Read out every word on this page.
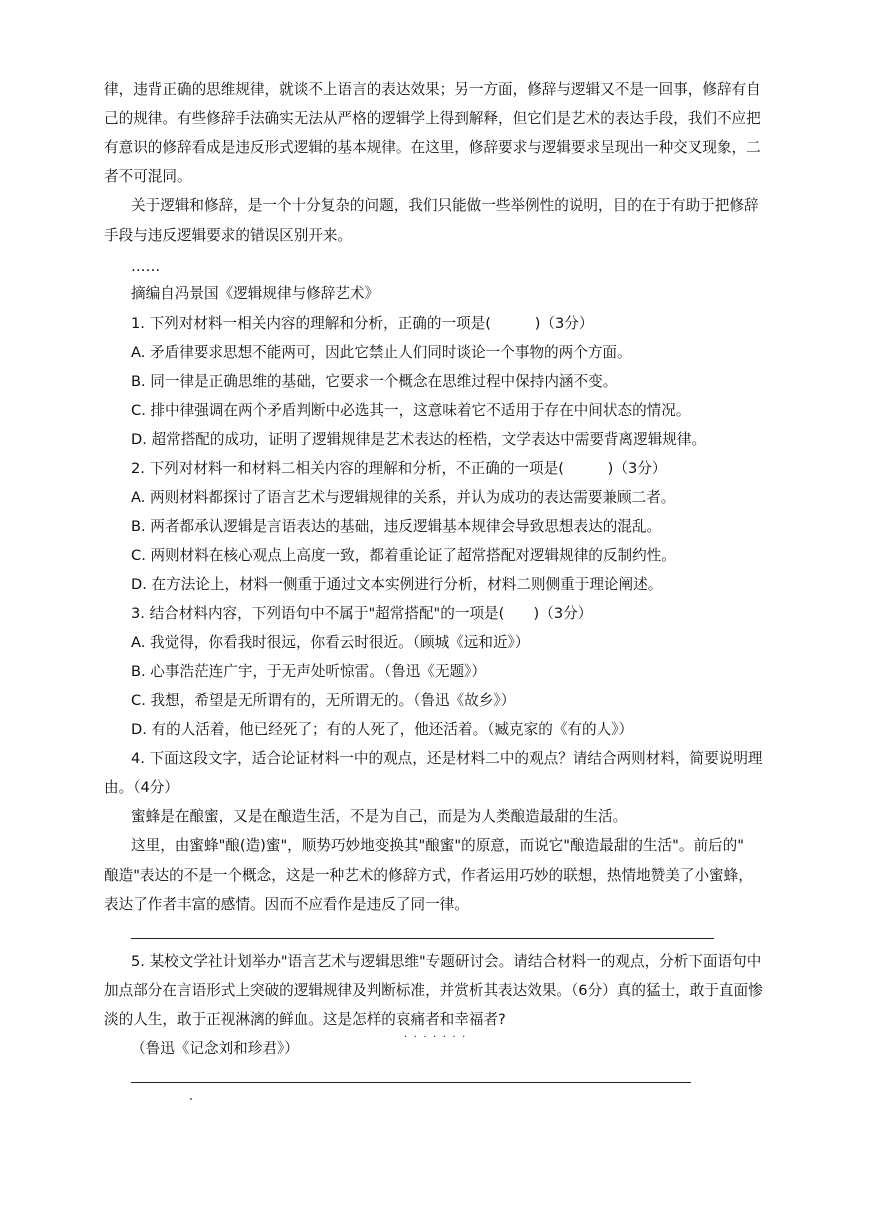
律，违背正确的思维规律，就谈不上语言的表达效果；另一方面，修辞与逻辑又不是一回事，修辞有自
己的规律。有些修辞手法确实无法从严格的逻辑学上得到解释，但它们是艺术的表达手段，我们不应把
有意识的修辞看成是违反形式逻辑的基本规律。在这里，修辞要求与逻辑要求呈现出一种交叉现象，二
者不可混同。
关于逻辑和修辞，是一个十分复杂的问题，我们只能做一些举例性的说明，目的在于有助于把修辞
手段与违反逻辑要求的错误区别开来。
……
摘编自冯景国《逻辑规律与修辞艺术》
1. 下列对材料一相关内容的理解和分析，正确的一项是(　　　)（3分）
A. 矛盾律要求思想不能两可，因此它禁止人们同时谈论一个事物的两个方面。
B. 同一律是正确思维的基础，它要求一个概念在思维过程中保持内涵不变。
C. 排中律强调在两个矛盾判断中必选其一，这意味着它不适用于存在中间状态的情况。
D. 超常搭配的成功，证明了逻辑规律是艺术表达的桎梏，文学表达中需要背离逻辑规律。
2. 下列对材料一和材料二相关内容的理解和分析，不正确的一项是(　　　)（3分）
A. 两则材料都探讨了语言艺术与逻辑规律的关系，并认为成功的表达需要兼顾二者。
B. 两者都承认逻辑是言语表达的基础，违反逻辑基本规律会导致思想表达的混乱。
C. 两则材料在核心观点上高度一致，都着重论证了超常搭配对逻辑规律的反制约性。
D. 在方法论上，材料一侧重于通过文本实例进行分析，材料二则侧重于理论阐述。
3. 结合材料内容，下列语句中不属于"超常搭配"的一项是(　　)（3分）
A. 我觉得，你看我时很远，你看云时很近。（顾城《远和近》）
B. 心事浩茫连广宇，于无声处听惊雷。（鲁迅《无题》）
C. 我想，希望是无所谓有的，无所谓无的。（鲁迅《故乡》）
D. 有的人活着，他已经死了；有的人死了，他还活着。（臧克家的《有的人》）
4. 下面这段文字，适合论证材料一中的观点，还是材料二中的观点？请结合两则材料，简要说明理
由。（4分）
蜜蜂是在酿蜜，又是在酿造生活，不是为自己，而是为人类酿造最甜的生活。
这里，由蜜蜂"酿(造)蜜"，顺势巧妙地变换其"酿蜜"的原意，而说它"酿造最甜的生活"。前后的"
酿造"表达的不是一个概念，这是一种艺术的修辞方式，作者运用巧妙的联想，热情地赞美了小蜜蜂，
表达了作者丰富的感情。因而不应看作是违反了同一律。
5. 某校文学社计划举办"语言艺术与逻辑思维"专题研讨会。请结合材料一的观点，分析下面语句中
加点部分在言语形式上突破的逻辑规律及判断标准，并赏析其表达效果。（6分）真的猛士，敢于直面惨
淡的人生，敢于正视淋漓的鲜血。这是怎样的哀痛者和幸福者?
·······
（鲁迅《记念刘和珍君》）
